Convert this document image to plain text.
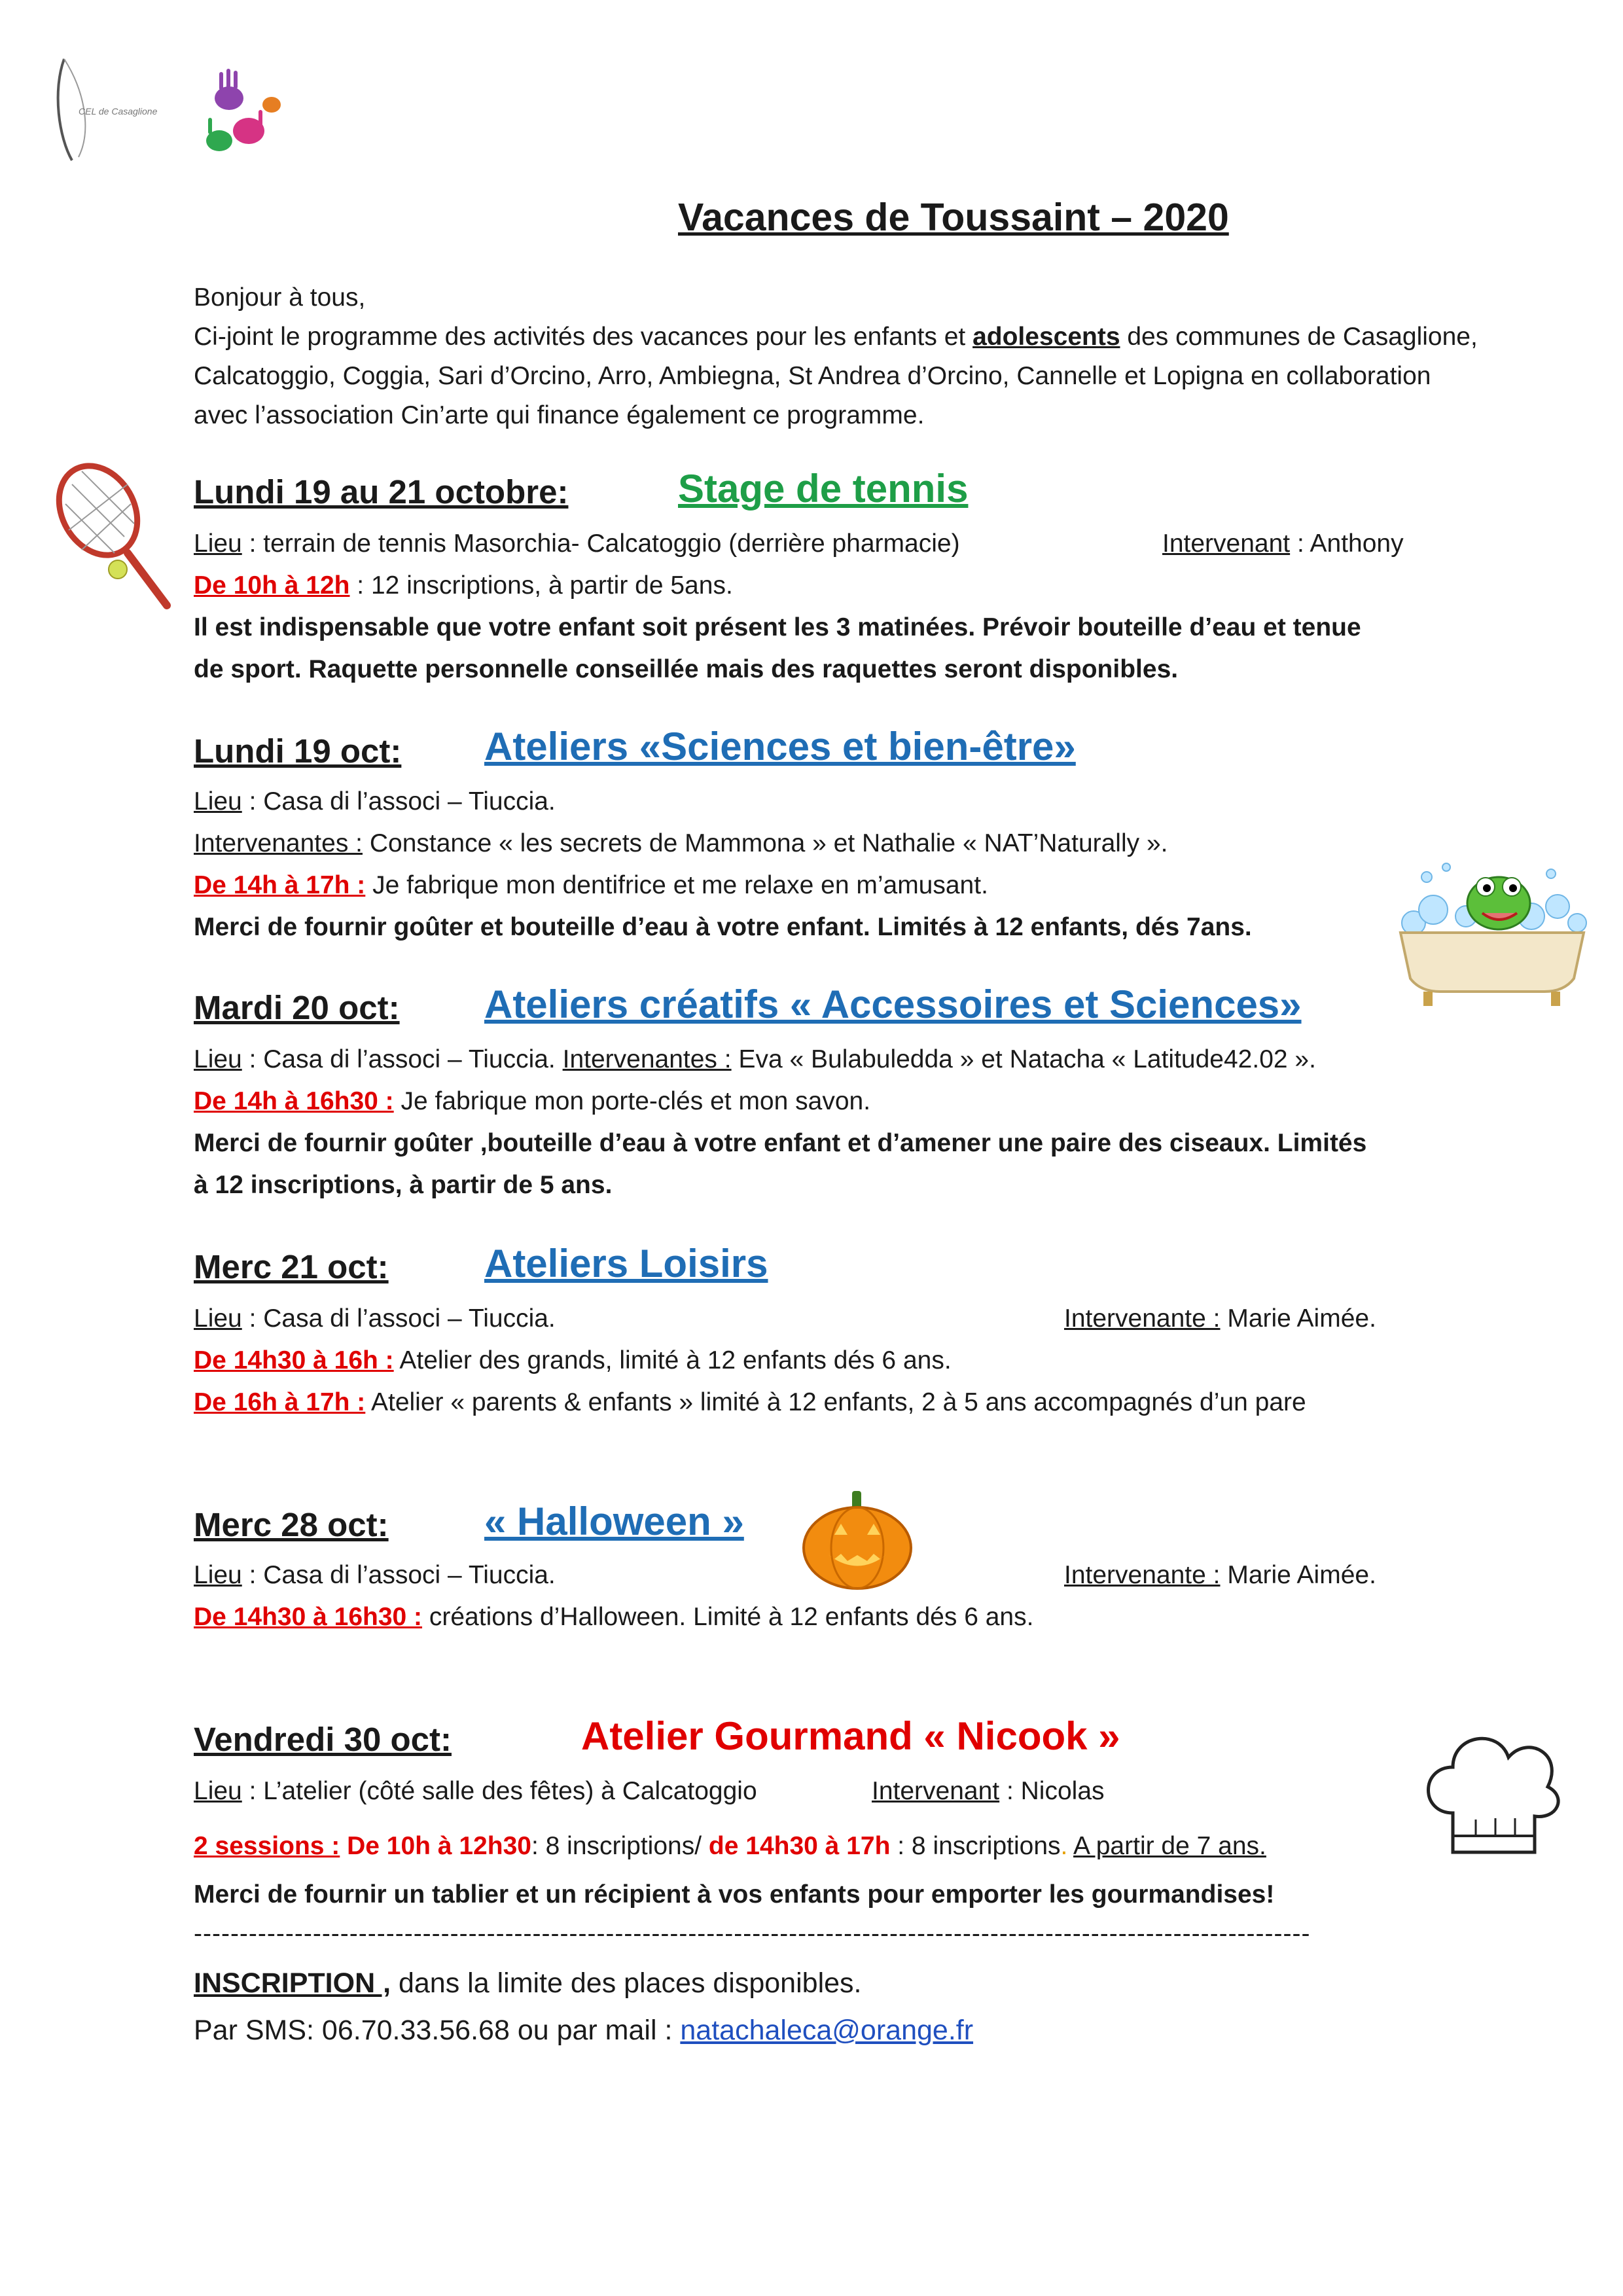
CEL de Casaglione
Vacances de Toussaint – 2020
Bonjour à tous,
Ci-joint le programme des activités des vacances pour les enfants et adolescents des communes de Casaglione,
Calcatoggio, Coggia, Sari d’Orcino, Arro, Ambiegna, St Andrea d’Orcino, Cannelle et Lopigna en collaboration
avec l’association Cin’arte qui finance également ce programme.
Lundi 19 au 21 octobre:	Stage de tennis
Lieu : terrain de tennis Masorchia- Calcatoggio (derrière pharmacie)	Intervenant : Anthony
De 10h à 12h : 12 inscriptions, à partir de 5ans.
Il est indispensable que votre enfant soit présent les 3 matinées. Prévoir bouteille d’eau et tenue
de sport. Raquette personnelle conseillée mais des raquettes seront disponibles.
Lundi 19 oct: Ateliers «Sciences et bien-être»
Lieu : Casa di l’associ – Tiuccia.
Intervenantes : Constance « les secrets de Mammona » et Nathalie « NAT’Naturally ».
De 14h à 17h : Je fabrique mon dentifrice et me relaxe en m’amusant.
Merci de fournir goûter et bouteille d’eau à votre enfant. Limités à 12 enfants, dés 7ans.
Mardi 20 oct: Ateliers créatifs « Accessoires et Sciences»
Lieu : Casa di l’associ – Tiuccia. Intervenantes : Eva « Bulabuledda » et Natacha « Latitude42.02 ».
De 14h à 16h30 : Je fabrique mon porte-clés et mon savon.
Merci de fournir goûter ,bouteille d’eau à votre enfant et d’amener une paire des ciseaux. Limités
à 12 inscriptions, à partir de 5 ans.
Merc 21 oct: Ateliers Loisirs
Lieu : Casa di l’associ – Tiuccia.	Intervenante : Marie Aimée.
De 14h30 à 16h : Atelier des grands, limité à 12 enfants dés 6 ans.
De 16h à 17h : Atelier « parents & enfants » limité à 12 enfants, 2 à 5 ans accompagnés d’un pare
Merc 28 oct: « Halloween »
Lieu : Casa di l’associ – Tiuccia.	Intervenante : Marie Aimée.
De 14h30 à 16h30 : créations d’Halloween. Limité à 12 enfants dés 6 ans.
Vendredi 30 oct:	Atelier Gourmand « Nicook »
Lieu : L’atelier (côté salle des fêtes) à Calcatoggio	Intervenant : Nicolas
2 sessions : De 10h à 12h30: 8 inscriptions/ de 14h30 à 17h : 8 inscriptions. A partir de 7 ans.
Merci de fournir un tablier et un récipient à vos enfants pour emporter les gourmandises!
--------------------------------------------------------------------------------------------------------------------------
INSCRIPTION , dans la limite des places disponibles.
Par SMS: 06.70.33.56.68 ou par mail : natachaleca@orange.fr
